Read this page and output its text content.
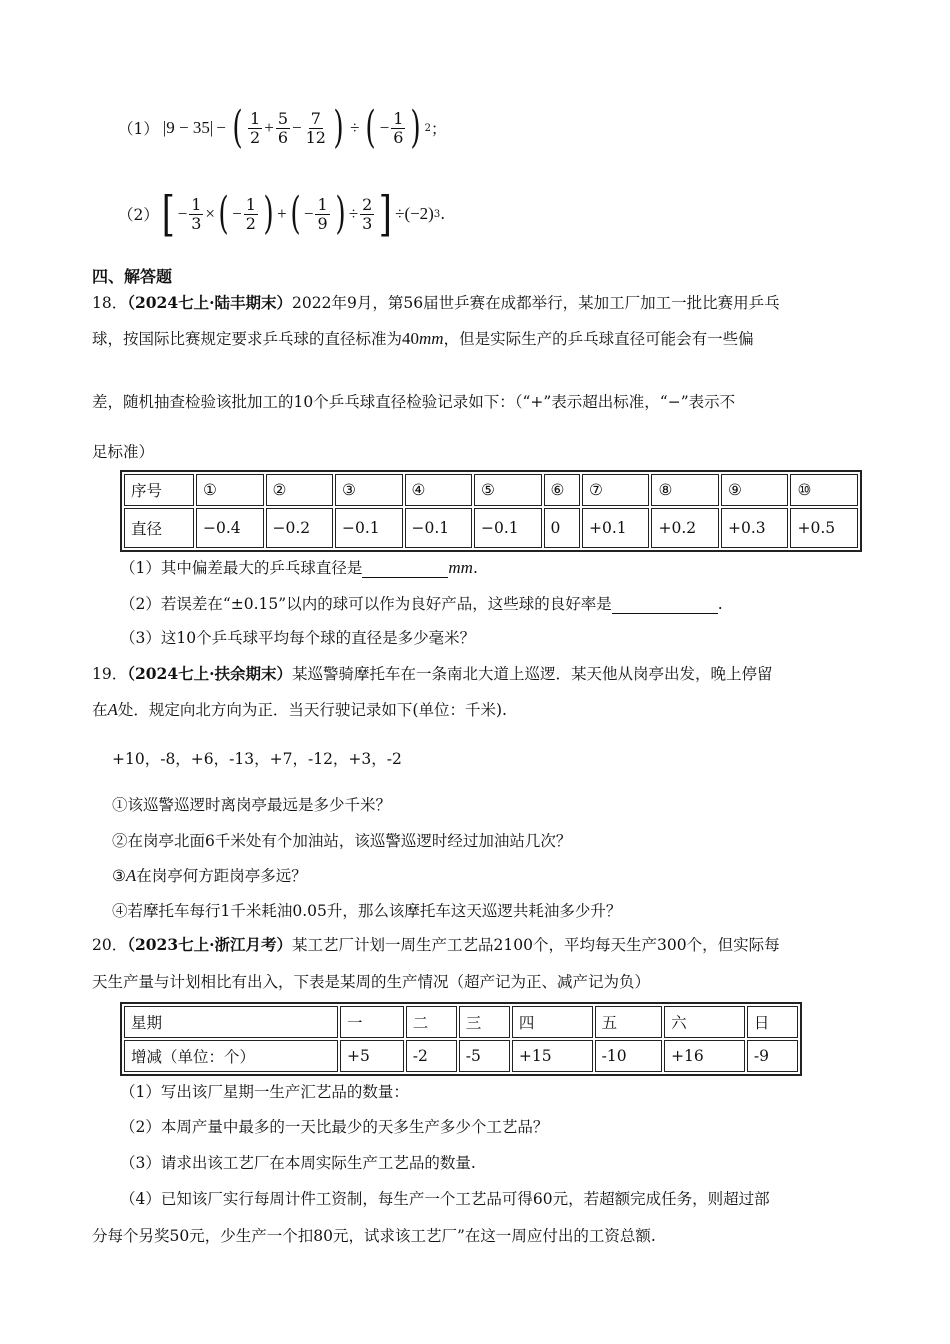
（1） |9 − 35| − ( $\frac{1}{2} + \frac{5}{6} - \frac{7}{12}$ ) ÷ ( − $\frac{1}{6}$ ) 2 ；
（2） [ − $\frac{1}{3}$ × ( − $\frac{1}{2}$ ) + ( − $\frac{1}{9}$ ) ÷ $\frac{2}{3}$ ] ÷ (−2) 3 .
四、解答题
18．（2024七上·陆丰期末）2022年9月，第56届世乒赛在成都举行，某加工厂加工一批比赛用乒乓
球，按国际比赛规定要求乒乓球的直径标准为40mm，但是实际生产的乒乓球直径可能会有一些偏
差，随机抽查检验该批加工的10个乒乓球直径检验记录如下：（“+”表示超出标准，“−”表示不
足标准）
序号	①	②	③	④	⑤	⑥	⑦	⑧	⑨	⑩
直径	−0.4	−0.2	−0.1	−0.1	−0.1	0	+0.1	+0.2	+0.3	+0.5
（1）其中偏差最大的乒乓球直径是	mm.
（2）若误差在“±0.15”以内的球可以作为良好产品，这些球的良好率是	.
（3）这10个乒乓球平均每个球的直径是多少毫米？
19．（2024七上·扶余期末）某巡警骑摩托车在一条南北大道上巡逻．某天他从岗亭出发，晚上停留
在A处．规定向北方向为正．当天行驶记录如下(单位：千米).
+10，-8，+6，-13，+7，-12，+3，-2
①该巡警巡逻时离岗亭最远是多少千米？
②在岗亭北面6千米处有个加油站，该巡警巡逻时经过加油站几次？
③A在岗亭何方距岗亭多远？
④若摩托车每行1千米耗油0.05升，那么该摩托车这天巡逻共耗油多少升？
20．（2023七上·浙江月考）某工艺厂计划一周生产工艺品2100个，平均每天生产300个，但实际每
天生产量与计划相比有出入，下表是某周的生产情况（超产记为正、减产记为负）
星期	一	二	三	四	五	六	日
增减（单位：个）	+5	-2	-5	+15	-10	+16	-9
（1）写出该厂星期一生产汇艺品的数量：
（2）本周产量中最多的一天比最少的天多生产多少个工艺品？
（3）请求出该工艺厂在本周实际生产工艺品的数量.
（4）已知该厂实行每周计件工资制，每生产一个工艺品可得60元，若超额完成任务，则超过部
分每个另奖50元，少生产一个扣80元，试求该工艺厂”在这一周应付出的工资总额.
